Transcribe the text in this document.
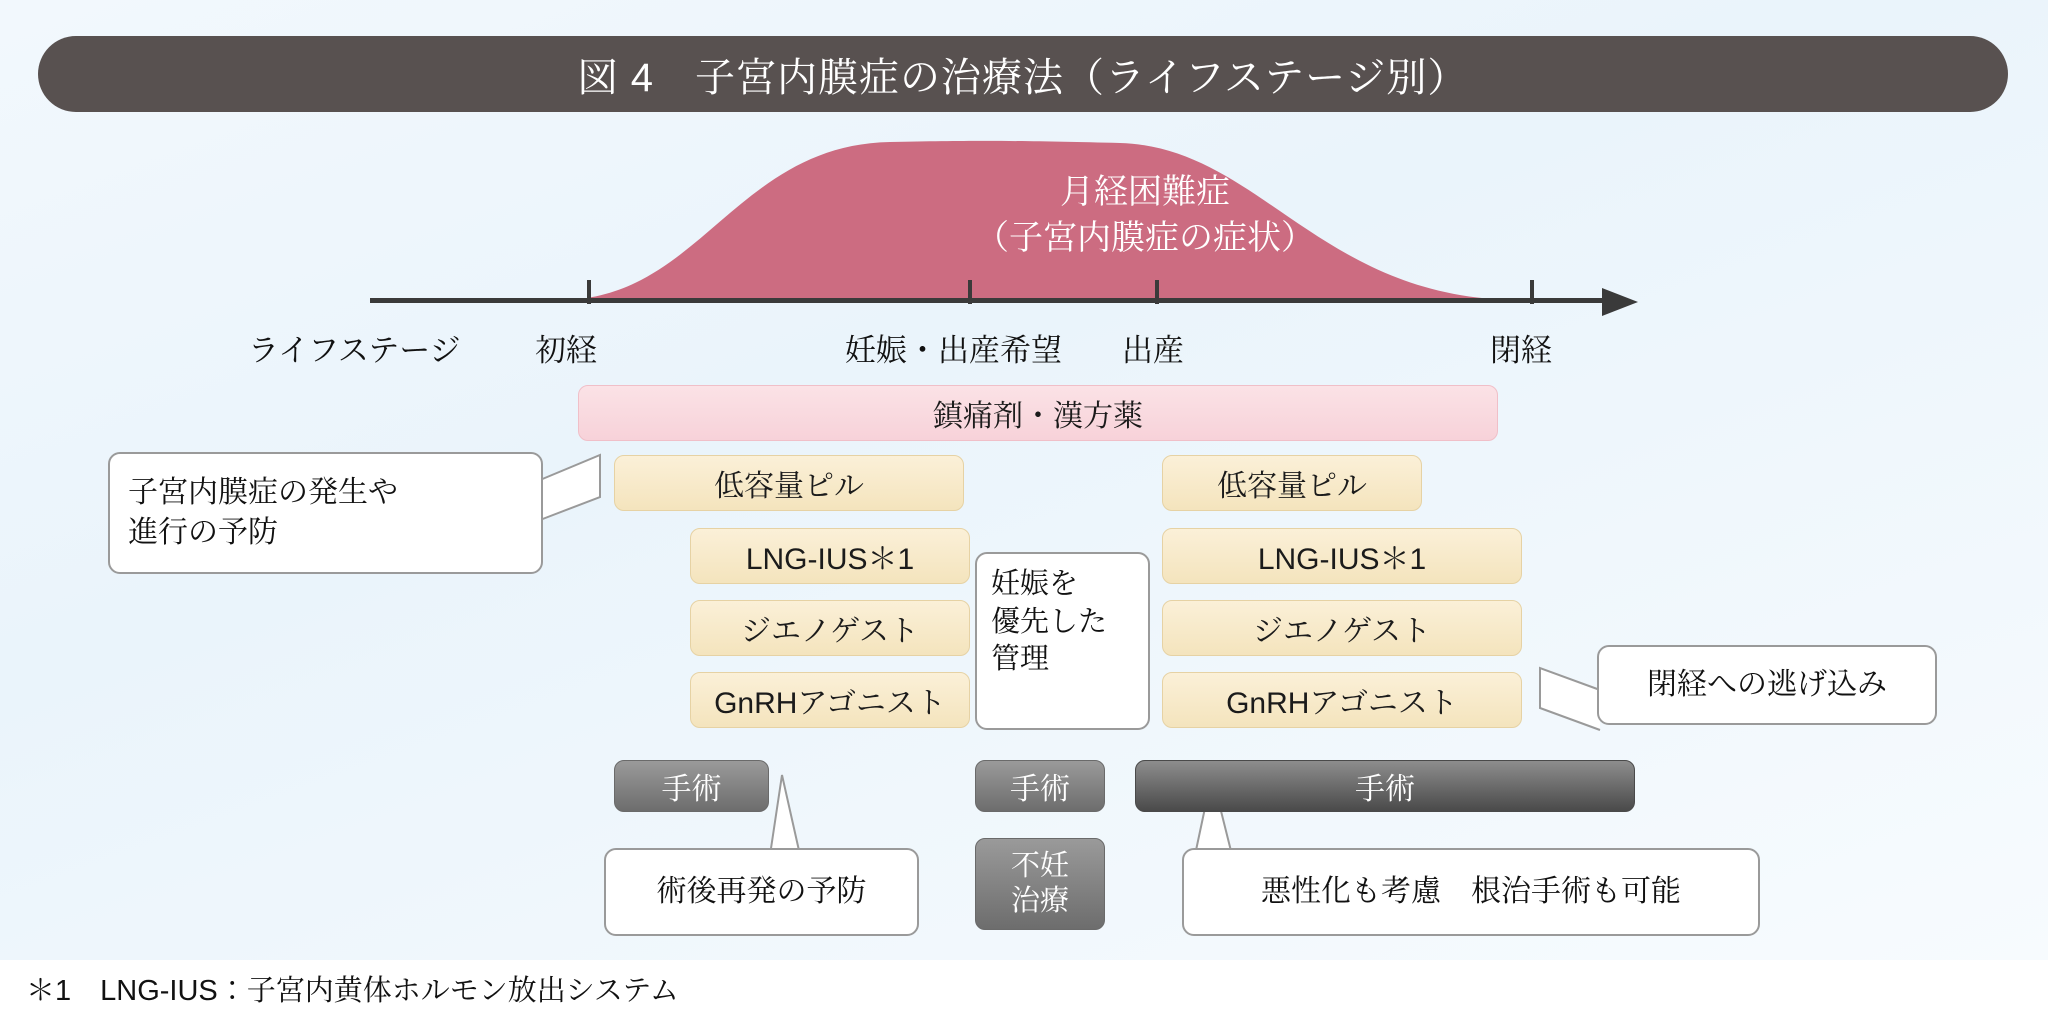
図 4　子宮内膜症の治療法（ライフステージ別）
月経困難症
（子宮内膜症の症状）
ライフステージ 初経	妊娠・出産希望 出産	閉経
鎮痛剤・漢方薬
低容量ピル
LNG-IUS＊1
ジエノゲスト
GnRHアゴニスト
低容量ピル
LNG-IUS＊1
ジエノゲスト
GnRHアゴニスト
妊娠を
優先した
管理
手術	手術	手術
不妊
治療
子宮内膜症の発生や
進行の予防
閉経への逃げ込み
術後再発の予防	悪性化も考慮　根治手術も可能
＊1　LNG-IUS：子宮内黄体ホルモン放出システム
